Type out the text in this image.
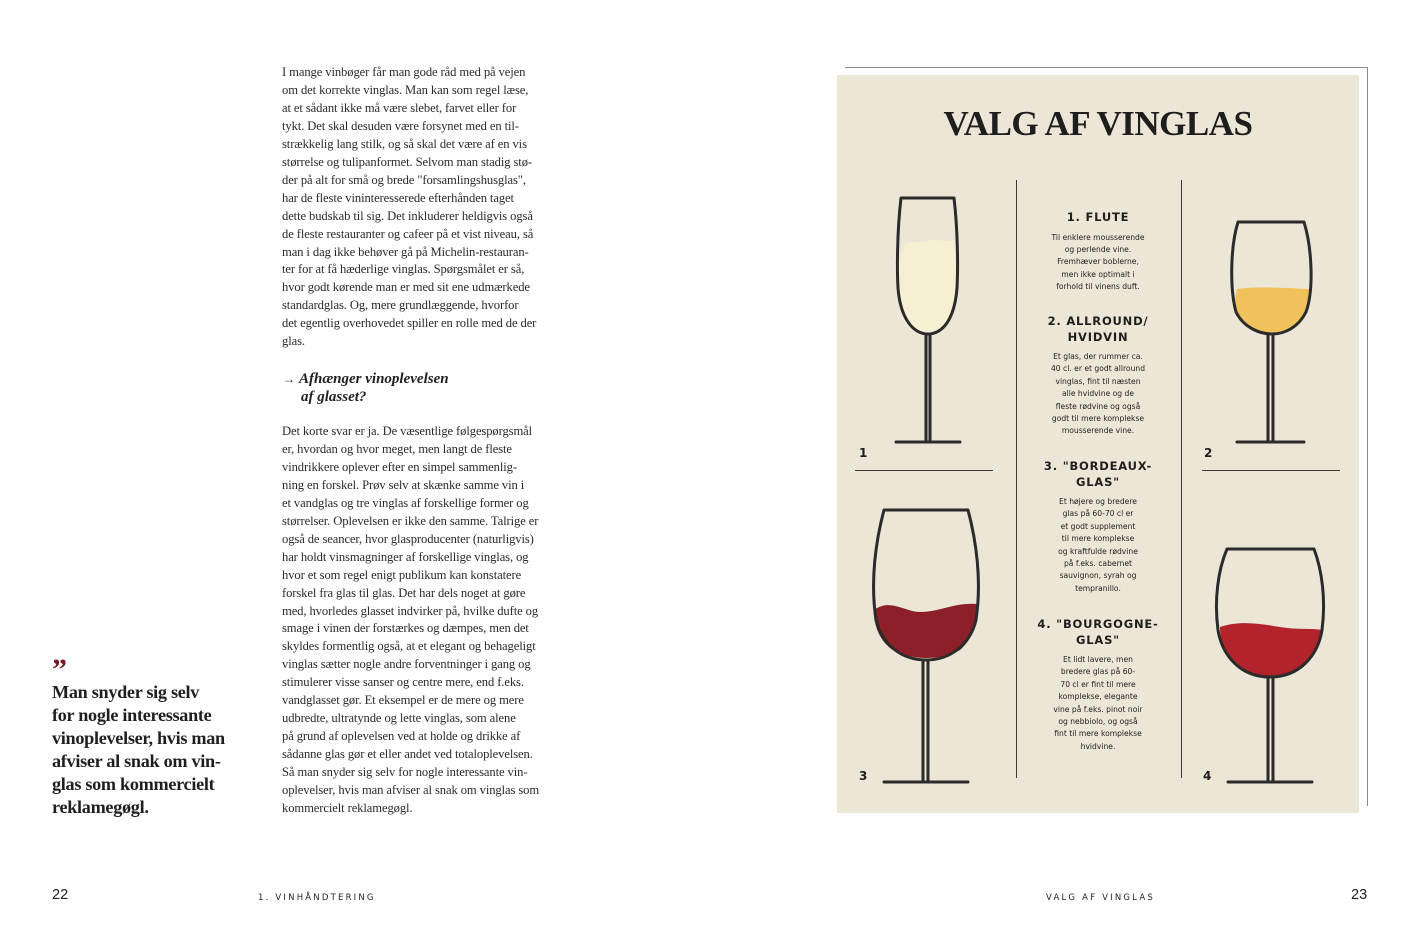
I mange vinbøger får man gode råd med på vejen

om det korrekte vinglas. Man kan som regel læse,

at et sådant ikke må være slebet, farvet eller for

tykt. Det skal desuden være forsynet med en til-

strækkelig lang stilk, og så skal det være af en vis

størrelse og tulipanformet. Selvom man stadig stø-

der på alt for små og brede "forsamlingshusglas",

har de fleste vininteresserede efterhånden taget

dette budskab til sig. Det inkluderer heldigvis også

de fleste restauranter og cafeer på et vist niveau, så

man i dag ikke behøver gå på Michelin-restauran-

ter for at få hæderlige vinglas. Spørgsmålet er så,

hvor godt kørende man er med sit ene udmærkede

standardglas. Og, mere grundlæggende, hvorfor

det egentlig overhovedet spiller en rolle med de der

glas.

→ Afhænger vinoplevelsen
af glasset?

Det korte svar er ja. De væsentlige følgespørgsmål

er, hvordan og hvor meget, men langt de fleste

vindrikkere oplever efter en simpel sammenlig-

ning en forskel. Prøv selv at skænke samme vin i

et vandglas og tre vinglas af forskellige former og

størrelser. Oplevelsen er ikke den samme. Talrige er

også de seancer, hvor glasproducenter (naturligvis)

har holdt vinsmagninger af forskellige vinglas, og

hvor et som regel enigt publikum kan konstatere

forskel fra glas til glas. Det har dels noget at gøre

med, hvorledes glasset indvirker på, hvilke dufte og

smage i vinen der forstærkes og dæmpes, men det

skyldes formentlig også, at et elegant og behageligt

vinglas sætter nogle andre forventninger i gang og

stimulerer visse sanser og centre mere, end f.eks.

vandglasset gør. Et eksempel er de mere og mere

udbredte, ultratynde og lette vinglas, som alene

på grund af oplevelsen ved at holde og drikke af

sådanne glas gør et eller andet ved totaloplevelsen.

Så man snyder sig selv for nogle interessante vin-

oplevelser, hvis man afviser al snak om vinglas som

kommercielt reklamegøgl.

”

Man snyder sig selv

for nogle interessante

vinoplevelser, hvis man

afviser al snak om vin-

glas som kommercielt

reklamegøgl.

22	1. VINHÅNDTERING
VALG AF VINGLAS
1	2
3	4
1. FLUTE
Til enklere mousserende
og perlende vine.
Fremhæver boblerne,
men ikke optimalt i
forhold til vinens duft.
2. ALLROUND/
HVIDVIN
Et glas, der rummer ca.
40 cl. er et godt allround
vinglas, fint til næsten
alle hvidvine og de
fleste rødvine og også
godt til mere komplekse
mousserende vine.
3. "BORDEAUX-
GLAS"
Et højere og bredere
glas på 60-70 cl er
et godt supplement
til mere komplekse
og kraftfulde rødvine
på f.eks. cabernet
sauvignon, syrah og
tempranillo.
4. "BOURGOGNE-
GLAS"
Et lidt lavere, men
bredere glas på 60-
70 cl er fint til mere
komplekse, elegante
vine på f.eks. pinot noir
og nebbiolo, og også
fint til mere komplekse
hvidvine.
VALG AF VINGLAS	23
